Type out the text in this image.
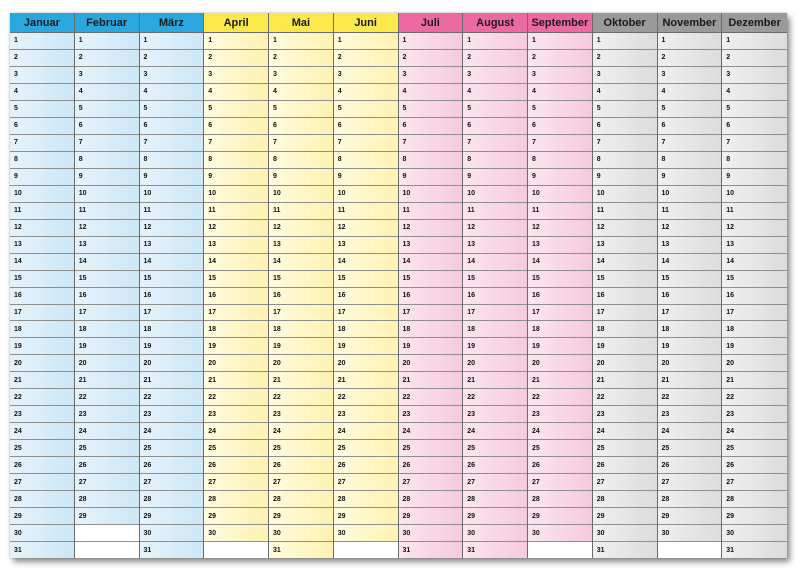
Januar
1
2
3
4
5
6
7
8
9
10
11
12
13
14
15
16
17
18
19
20
21
22
23
24
25
26
27
28
29
30
31
Februar
1
2
3
4
5
6
7
8
9
10
11
12
13
14
15
16
17
18
19
20
21
22
23
24
25
26
27
28
29
März
1
2
3
4
5
6
7
8
9
10
11
12
13
14
15
16
17
18
19
20
21
22
23
24
25
26
27
28
29
30
31
April
1
2
3
4
5
6
7
8
9
10
11
12
13
14
15
16
17
18
19
20
21
22
23
24
25
26
27
28
29
30
Mai
1
2
3
4
5
6
7
8
9
10
11
12
13
14
15
16
17
18
19
20
21
22
23
24
25
26
27
28
29
30
31
Juni
1
2
3
4
5
6
7
8
9
10
11
12
13
14
15
16
17
18
19
20
21
22
23
24
25
26
27
28
29
30
Juli
1
2
3
4
5
6
7
8
9
10
11
12
13
14
15
16
17
18
19
20
21
22
23
24
25
26
27
28
29
30
31
August
1
2
3
4
5
6
7
8
9
10
11
12
13
14
15
16
17
18
19
20
21
22
23
24
25
26
27
28
29
30
31
September
1
2
3
4
5
6
7
8
9
10
11
12
13
14
15
16
17
18
19
20
21
22
23
24
25
26
27
28
29
30
Oktober
1
2
3
4
5
6
7
8
9
10
11
12
13
14
15
16
17
18
19
20
21
22
23
24
25
26
27
28
29
30
31
November
1
2
3
4
5
6
7
8
9
10
11
12
13
14
15
16
17
18
19
20
21
22
23
24
25
26
27
28
29
30
Dezember
1
2
3
4
5
6
7
8
9
10
11
12
13
14
15
16
17
18
19
20
21
22
23
24
25
26
27
28
29
30
31
